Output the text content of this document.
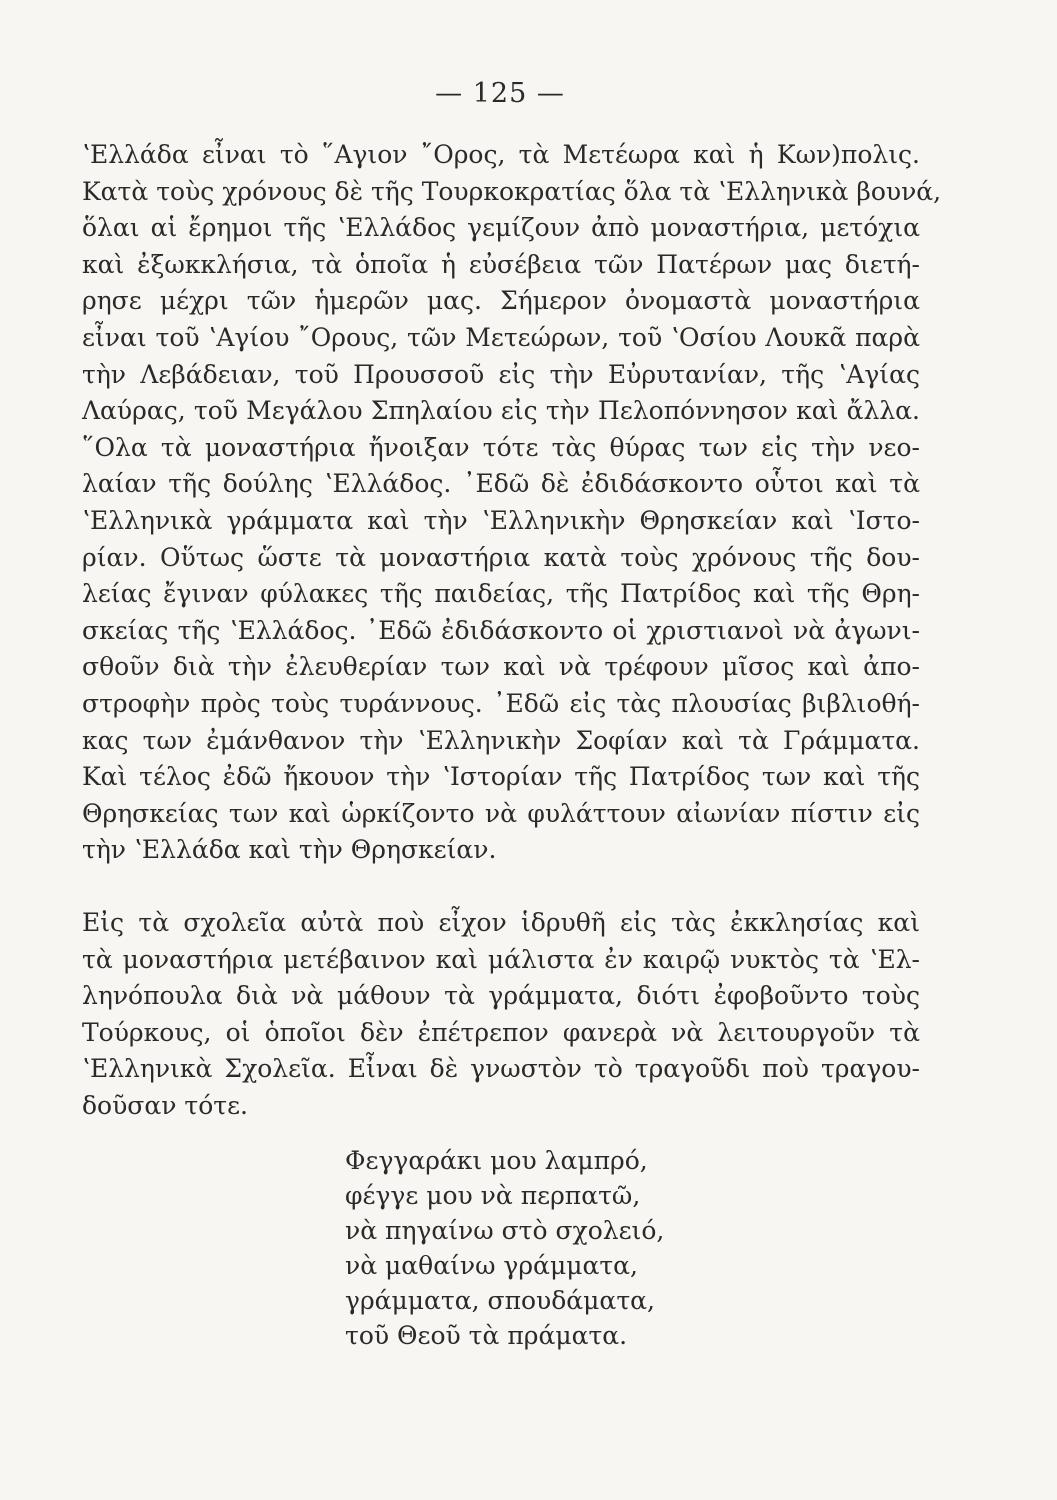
— 125 —
ʽΕλλάδα εἶναι τὸ ῞Αγιον ῎Ορος, τὰ Μετέωρα καὶ ἡ Κων)πολις.
Κατὰ τοὺς χρόνους δὲ τῆς Τουρκοκρατίας ὅλα τὰ ʽΕλληνικὰ βουνά,
ὅλαι αἱ ἔρημοι τῆς ʽΕλλάδος γεμίζουν ἀπὸ μοναστήρια, μετόχια
καὶ ἐξωκκλήσια, τὰ ὁποῖα ἡ εὐσέβεια τῶν Πατέρων μας διετή-
ρησε μέχρι τῶν ἡμερῶν μας. Σήμερον ὀνομαστὰ μοναστήρια
εἶναι τοῦ ʽΑγίου ῎Ορους, τῶν Μετεώρων, τοῦ ʽΟσίου Λουκᾶ παρὰ
τὴν Λεβάδειαν, τοῦ Προυσσοῦ εἰς τὴν Εὐρυτανίαν, τῆς ʽΑγίας
Λαύρας, τοῦ Μεγάλου Σπηλαίου εἰς τὴν Πελοπόννησον καὶ ἄλλα.
῞Ολα τὰ μοναστήρια ἤνοιξαν τότε τὰς θύρας των εἰς τὴν νεο-
λαίαν τῆς δούλης ʽΕλλάδος. ᾽Εδῶ δὲ ἐδιδάσκοντο οὗτοι καὶ τὰ
ʽΕλληνικὰ γράμματα καὶ τὴν ʽΕλληνικὴν Θρησκείαν καὶ ʽΙστο-
ρίαν. Οὕτως ὥστε τὰ μοναστήρια κατὰ τοὺς χρόνους τῆς δου-
λείας ἔγιναν φύλακες τῆς παιδείας, τῆς Πατρίδος καὶ τῆς Θρη-
σκείας τῆς ʽΕλλάδος. ᾽Εδῶ ἐδιδάσκοντο οἱ χριστιανοὶ νὰ ἀγωνι-
σθοῦν διὰ τὴν ἐλευθερίαν των καὶ νὰ τρέφουν μῖσος καὶ ἀπο-
στροφὴν πρὸς τοὺς τυράννους. ᾽Εδῶ εἰς τὰς πλουσίας βιβλιοθή-
κας των ἐμάνθανον τὴν ʽΕλληνικὴν Σοφίαν καὶ τὰ Γράμματα.
Καὶ τέλος ἐδῶ ἤκουον τὴν ʽΙστορίαν τῆς Πατρίδος των καὶ τῆς
Θρησκείας των καὶ ὡρκίζοντο νὰ φυλάττουν αἰωνίαν πίστιν εἰς
τὴν ʽΕλλάδα καὶ τὴν Θρησκείαν.
Εἰς τὰ σχολεῖα αὐτὰ ποὺ εἶχον ἱδρυθῆ εἰς τὰς ἐκκλησίας καὶ
τὰ μοναστήρια μετέβαινον καὶ μάλιστα ἐν καιρῷ νυκτὸς τὰ ʽΕλ-
ληνόπουλα διὰ νὰ μάθουν τὰ γράμματα, διότι ἐφοβοῦντο τοὺς
Τούρκους, οἱ ὁποῖοι δὲν ἐπέτρεπον φανερὰ νὰ λειτουργοῦν τὰ
ʽΕλληνικὰ Σχολεῖα. Εἶναι δὲ γνωστὸν τὸ τραγοῦδι ποὺ τραγου-
δοῦσαν τότε.
Φεγγαράκι μου λαμπρό,
φέγγε μου νὰ περπατῶ,
νὰ πηγαίνω στὸ σχολειό,
νὰ μαθαίνω γράμματα,
γράμματα, σπουδάματα,
τοῦ Θεοῦ τὰ πράματα.
